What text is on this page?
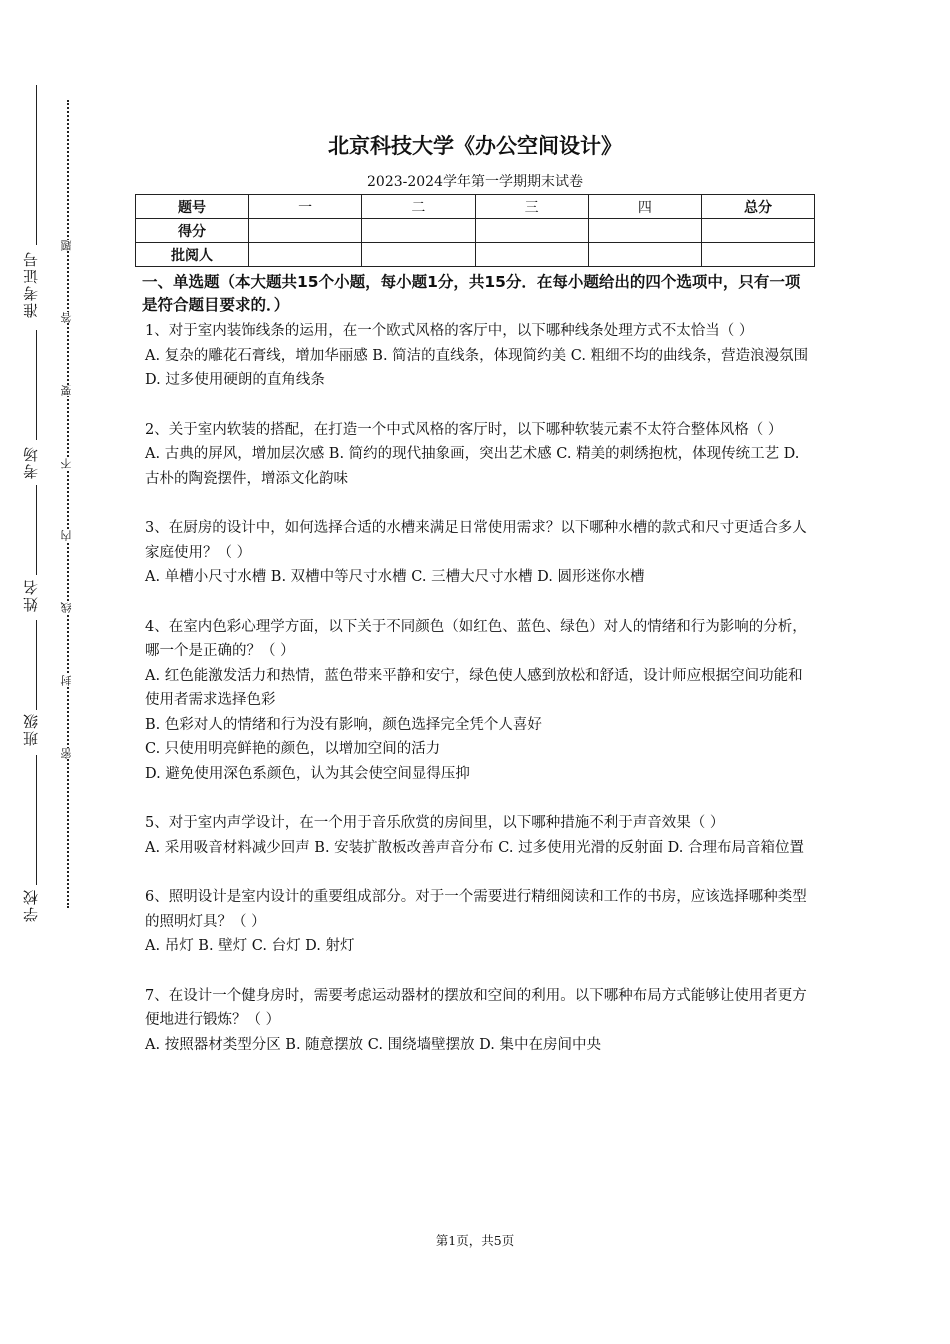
准考证号
考场
姓名
班级
学校
题
答
要
不
内
线
封
密
北京科技大学《办公空间设计》
2023-2024学年第一学期期末试卷
题号	一	二	三	四	总分
得分					
批阅人					
一、单选题（本大题共15个小题，每小题1分，共15分．在每小题给出的四个选项中，只有一项是符合题目要求的．）

1、对于室内装饰线条的运用，在一个欧式风格的客厅中，以下哪种线条处理方式不太恰当（ ）

A. 复杂的雕花石膏线，增加华丽感 B. 简洁的直线条，体现简约美 C. 粗细不均的曲线条，营造浪漫氛围 D. 过多使用硬朗的直角线条

2、关于室内软装的搭配，在打造一个中式风格的客厅时，以下哪种软装元素不太符合整体风格（ ）

A. 古典的屏风，增加层次感 B. 简约的现代抽象画，突出艺术感 C. 精美的刺绣抱枕，体现传统工艺 D. 古朴的陶瓷摆件，增添文化韵味

3、在厨房的设计中，如何选择合适的水槽来满足日常使用需求？以下哪种水槽的款式和尺寸更适合多人家庭使用？（ ）

A. 单槽小尺寸水槽 B. 双槽中等尺寸水槽 C. 三槽大尺寸水槽 D. 圆形迷你水槽

4、在室内色彩心理学方面，以下关于不同颜色（如红色、蓝色、绿色）对人的情绪和行为影响的分析，哪一个是正确的？（ ）

A. 红色能激发活力和热情，蓝色带来平静和安宁，绿色使人感到放松和舒适，设计师应根据空间功能和使用者需求选择色彩

B. 色彩对人的情绪和行为没有影响，颜色选择完全凭个人喜好

C. 只使用明亮鲜艳的颜色，以增加空间的活力

D. 避免使用深色系颜色，认为其会使空间显得压抑

5、对于室内声学设计，在一个用于音乐欣赏的房间里，以下哪种措施不利于声音效果（ ）

A. 采用吸音材料减少回声 B. 安装扩散板改善声音分布 C. 过多使用光滑的反射面 D. 合理布局音箱位置

6、照明设计是室内设计的重要组成部分。对于一个需要进行精细阅读和工作的书房，应该选择哪种类型的照明灯具？（ ）

A. 吊灯 B. 壁灯 C. 台灯 D. 射灯

7、在设计一个健身房时，需要考虑运动器材的摆放和空间的利用。以下哪种布局方式能够让使用者更方便地进行锻炼？（ ）

A. 按照器材类型分区 B. 随意摆放 C. 围绕墙壁摆放 D. 集中在房间中央

第1页，共5页
